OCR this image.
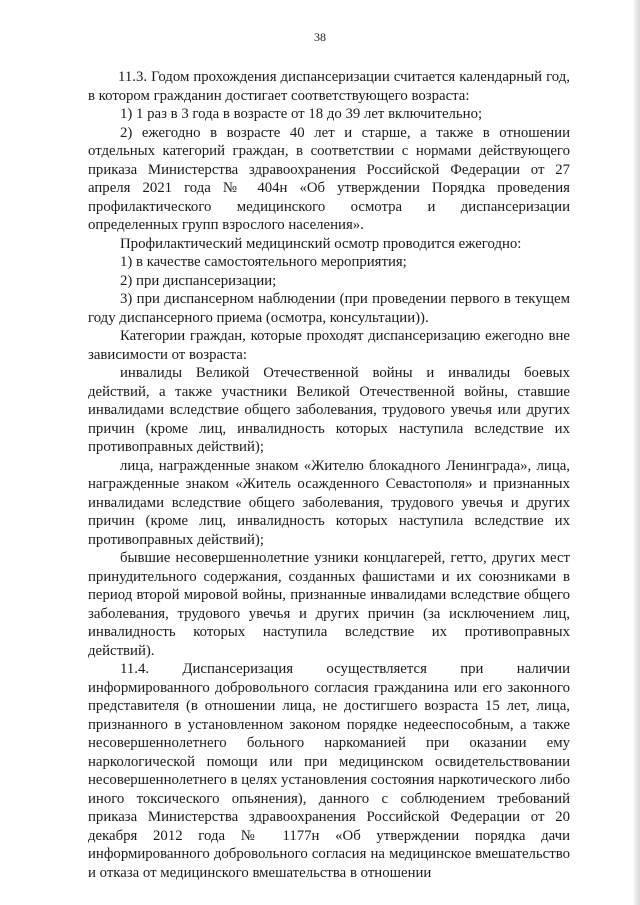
38

11.3. Годом прохождения диспансеризации считается календарный год, в котором гражданин достигает соответствующего возраста:

1) 1 раз в 3 года в возрасте от 18 до 39 лет включительно;

2) ежегодно в возрасте 40 лет и старше, а также в отношении отдельных категорий граждан, в соответствии с нормами действующего приказа Министерства здравоохранения Российской Федерации от 27 апреля 2021 года № 404н «Об утверждении Порядка проведения профилактического медицинского осмотра и диспансеризации определенных групп взрослого населения».

Профилактический медицинский осмотр проводится ежегодно:

1) в качестве самостоятельного мероприятия;

2) при диспансеризации;

3) при диспансерном наблюдении (при проведении первого в текущем году диспансерного приема (осмотра, консультации)).

Категории граждан, которые проходят диспансеризацию ежегодно вне зависимости от возраста:

инвалиды Великой Отечественной войны и инвалиды боевых действий, а также участники Великой Отечественной войны, ставшие инвалидами вследствие общего заболевания, трудового увечья или других причин (кроме лиц, инвалидность которых наступила вследствие их противоправных действий);

лица, награжденные знаком «Жителю блокадного Ленинграда», лица, награжденные знаком «Житель осажденного Севастополя» и признанных инвалидами вследствие общего заболевания, трудового увечья и других причин (кроме лиц, инвалидность которых наступила вследствие их противоправных действий);

бывшие несовершеннолетние узники концлагерей, гетто, других мест принудительного содержания, созданных фашистами и их союзниками в период второй мировой войны, признанные инвалидами вследствие общего заболевания, трудового увечья и других причин (за исключением лиц, инвалидность которых наступила вследствие их противоправных действий).

11.4. Диспансеризация осуществляется при наличии информированного добровольного согласия гражданина или его законного представителя (в отношении лица, не достигшего возраста 15 лет, лица, признанного в установленном законом порядке недееспособным, а также несовершеннолетнего больного наркоманией при оказании ему наркологической помощи или при медицинском освидетельствовании несовершеннолетнего в целях установления состояния наркотического либо иного токсического опьянения), данного с соблюдением требований приказа Министерства здравоохранения Российской Федерации от 20 декабря 2012 года № 1177н «Об утверждении порядка дачи информированного добровольного согласия на медицинское вмешательство и отказа от медицинского вмешательства в отношении
